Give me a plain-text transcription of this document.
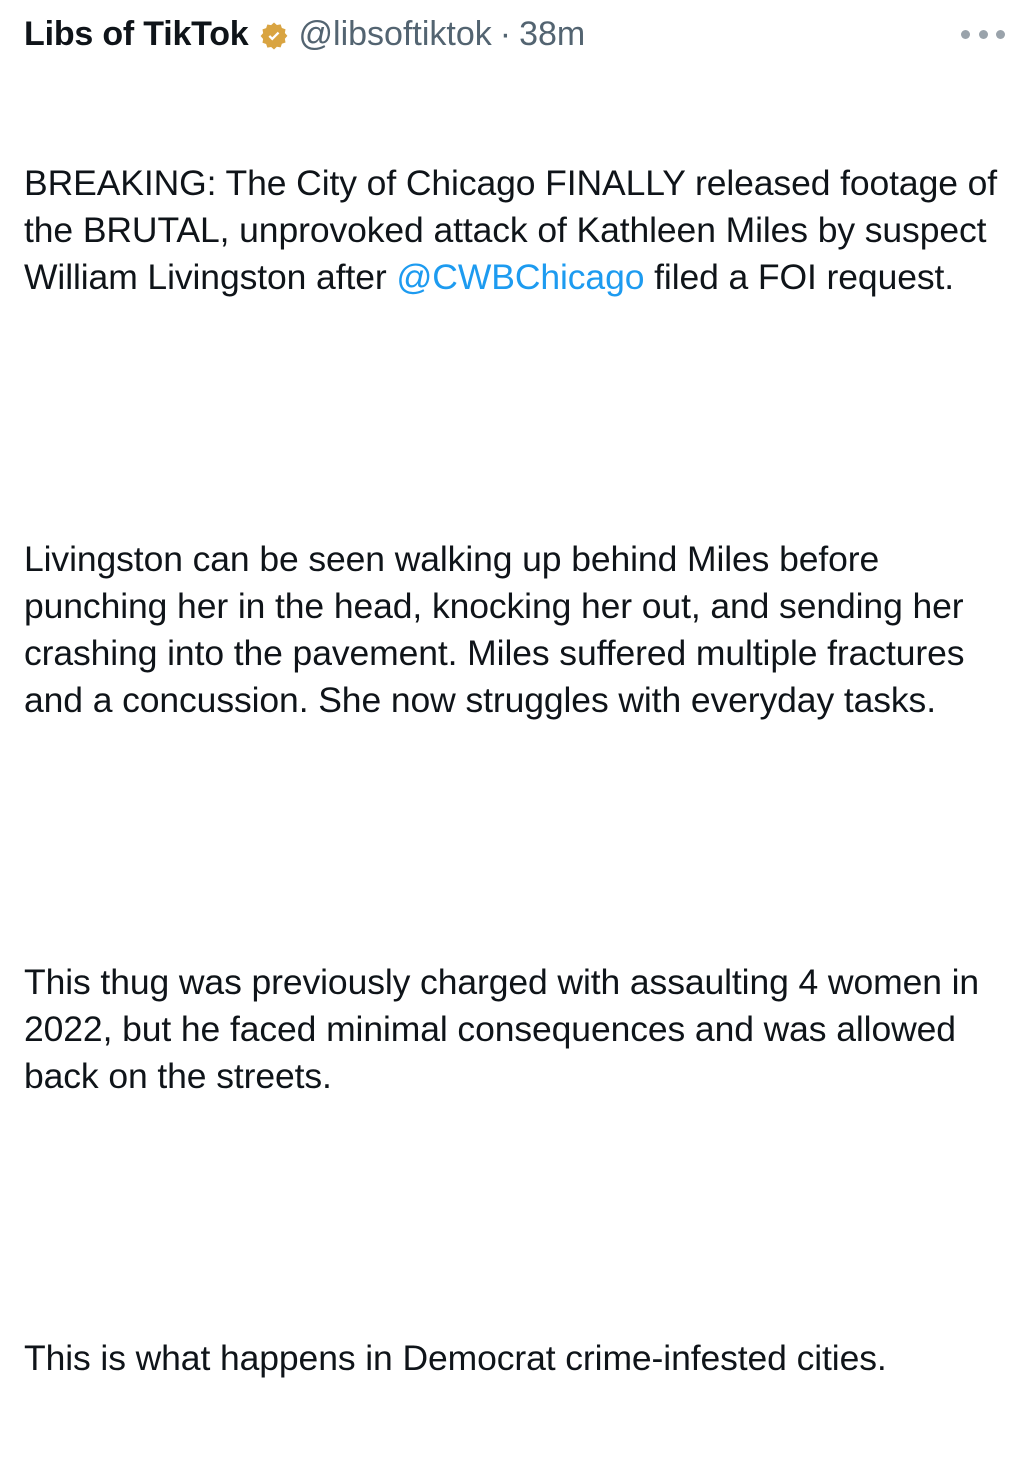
Libs of TikTok @libsoftiktok · 38m

BREAKING: The City of Chicago FINALLY released footage of the BRUTAL, unprovoked attack of Kathleen Miles by suspect William Livingston after @CWBChicago filed a FOI request.

Livingston can be seen walking up behind Miles before punching her in the head, knocking her out, and sending her crashing into the pavement. Miles suffered multiple fractures and a concussion. She now struggles with everyday tasks.

This thug was previously charged with assaulting 4 women in 2022, but he faced minimal consequences and was allowed back on the streets.

This is what happens in Democrat crime-infested cities.
